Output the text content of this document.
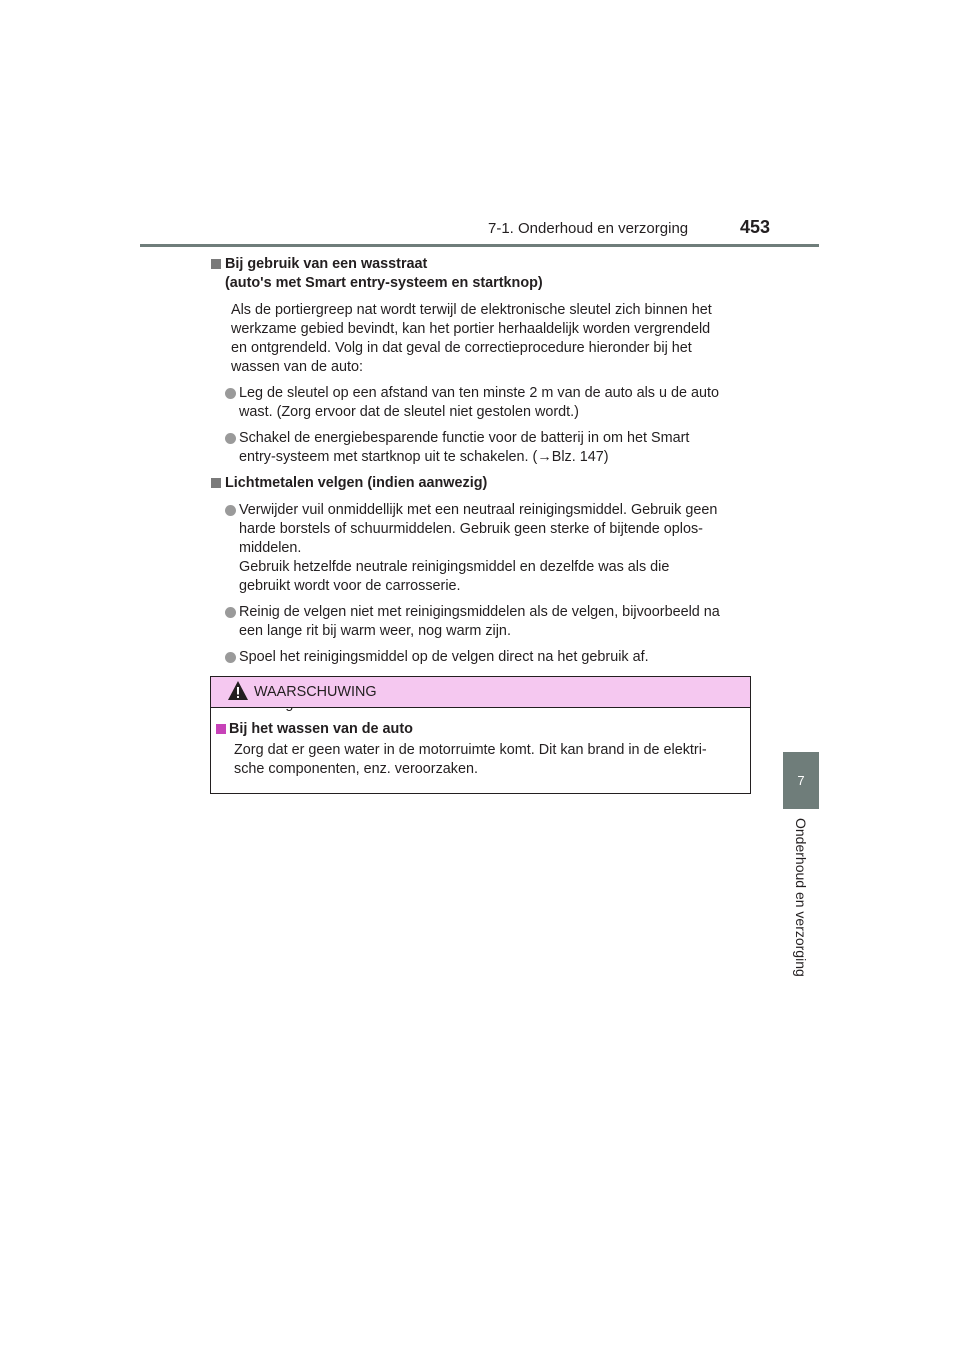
7-1. Onderhoud en verzorging	453
7
Onderhoud en verzorging
Bij gebruik van een wasstraat
(auto's met Smart entry-systeem en startknop)
Als de portiergreep nat wordt terwijl de elektronische sleutel zich binnen het
werkzame gebied bevindt, kan het portier herhaaldelijk worden vergrendeld
en ontgrendeld. Volg in dat geval de correctieprocedure hieronder bij het
wassen van de auto:
Leg de sleutel op een afstand van ten minste 2 m van de auto als u de auto
wast. (Zorg ervoor dat de sleutel niet gestolen wordt.)
Schakel de energiebesparende functie voor de batterij in om het Smart
entry-systeem met startknop uit te schakelen. (→Blz. 147)
Lichtmetalen velgen (indien aanwezig)
Verwijder vuil onmiddellijk met een neutraal reinigingsmiddel. Gebruik geen
harde borstels of schuurmiddelen. Gebruik geen sterke of bijtende oplos-
middelen.
Gebruik hetzelfde neutrale reinigingsmiddel en dezelfde was als die
gebruikt wordt voor de carrosserie.
Reinig de velgen niet met reinigingsmiddelen als de velgen, bijvoorbeeld na
een lange rit bij warm weer, nog warm zijn.
Spoel het reinigingsmiddel op de velgen direct na het gebruik af.
WAARSCHUWING
Bij het wassen van de auto
Zorg dat er geen water in de motorruimte komt. Dit kan brand in de elektri-
sche componenten, enz. veroorzaken.
